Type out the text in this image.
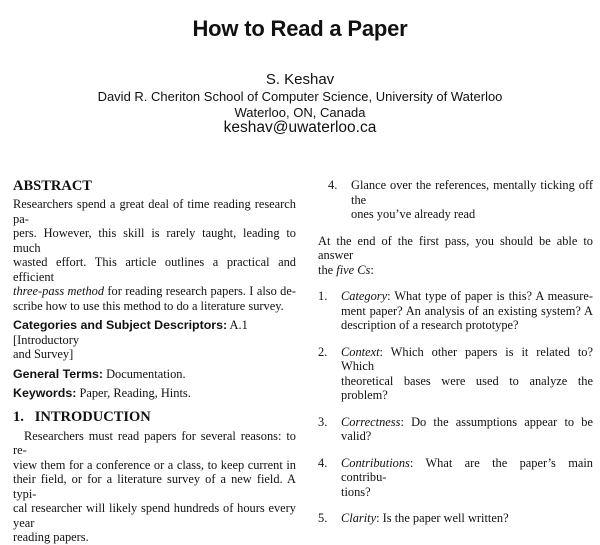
How to Read a Paper
S. Keshav
David R. Cheriton School of Computer Science, University of Waterloo
Waterloo, ON, Canada
keshav@uwaterloo.ca
ABSTRACT
Researchers spend a great deal of time reading research pa-
pers. However, this skill is rarely taught, leading to much
wasted effort. This article outlines a practical and efficient
three-pass method for reading research papers. I also de-
scribe how to use this method to do a literature survey.
Categories and Subject Descriptors: A.1 [Introductory
and Survey]
General Terms: Documentation.
Keywords: Paper, Reading, Hints.
1.   INTRODUCTION
Researchers must read papers for several reasons: to re-
view them for a conference or a class, to keep current in
their field, or for a literature survey of a new field. A typi-
cal researcher will likely spend hundreds of hours every year
reading papers.
4. Glance over the references, mentally ticking off the
ones you’ve already read
At the end of the first pass, you should be able to answer
the five Cs:
1. Category: What type of paper is this? A measure-
ment paper? An analysis of an existing system? A
description of a research prototype?
2. Context: Which other papers is it related to? Which
theoretical bases were used to analyze the problem?
3. Correctness: Do the assumptions appear to be valid?
4. Contributions: What are the paper’s main contribu-
tions?
5. Clarity: Is the paper well written?
